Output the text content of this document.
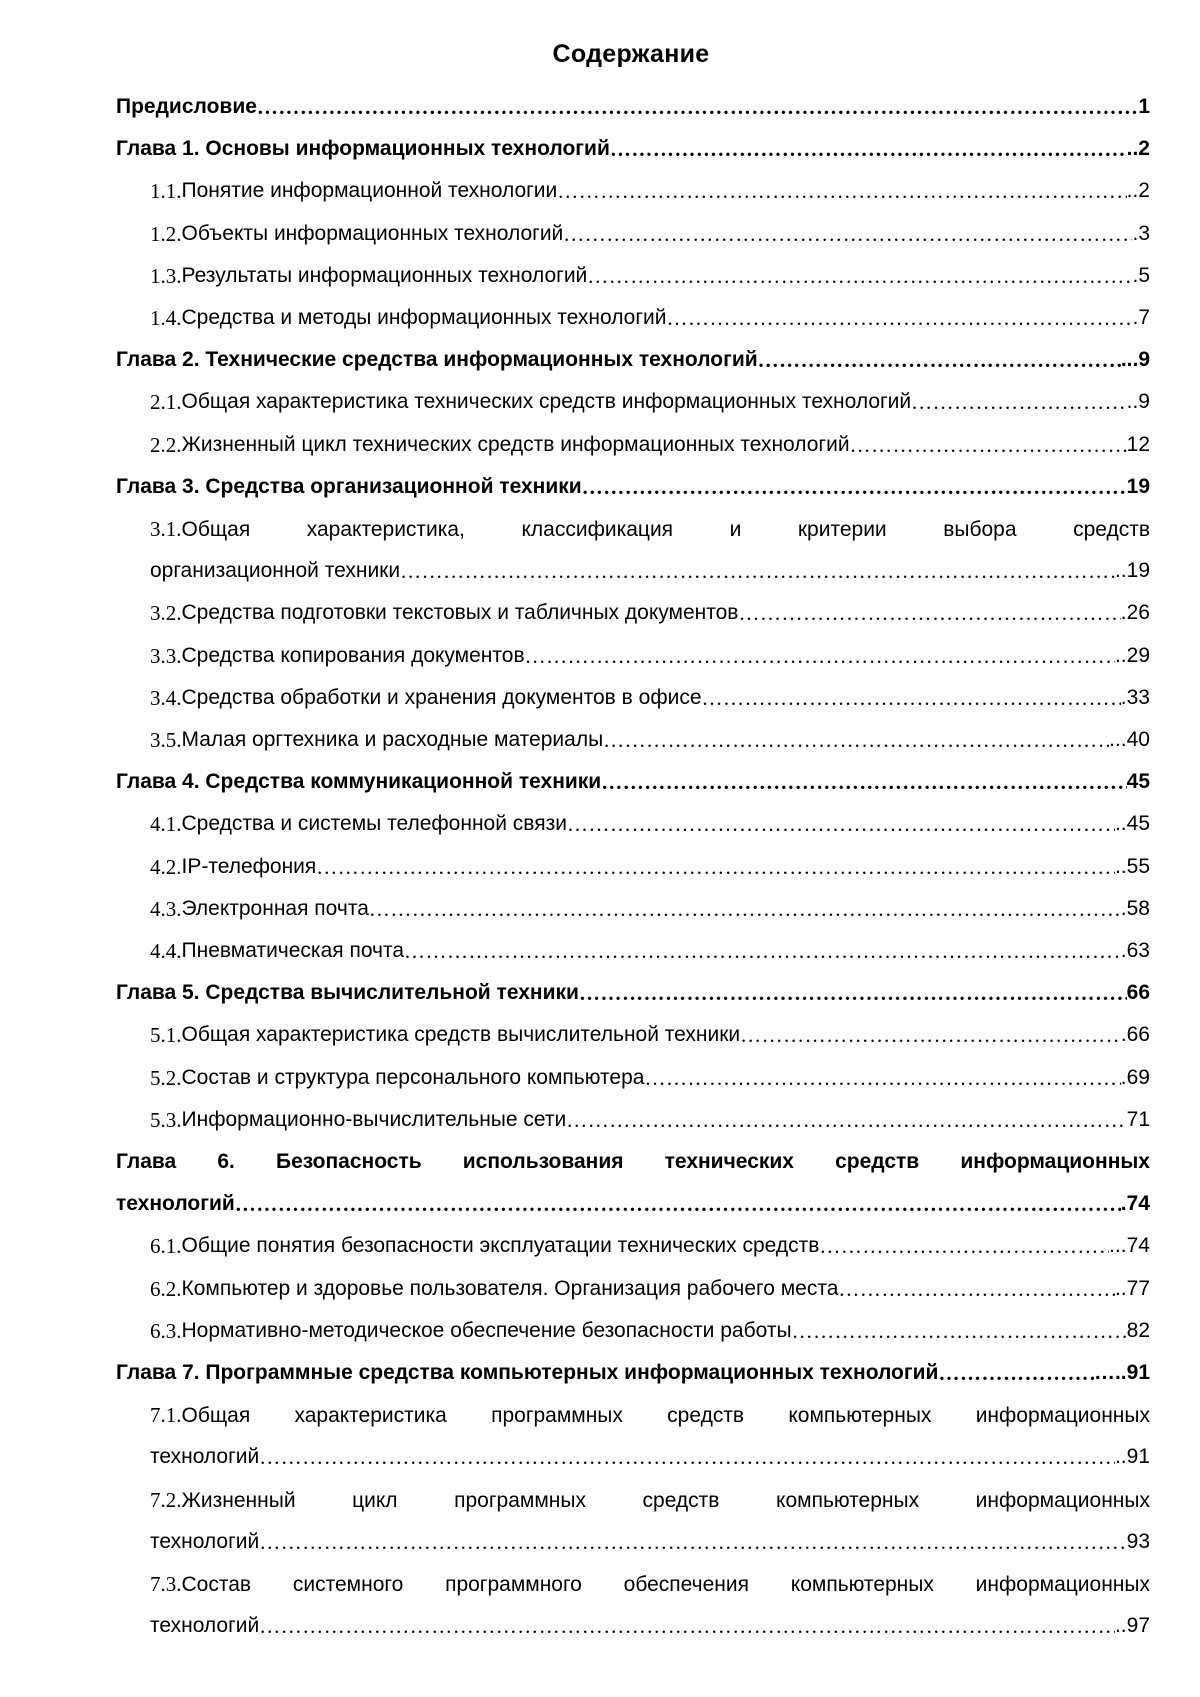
Содержание
Предисловие …………………………………………………………………………………………………………………………………………………………………………………………………………………………	1
Глава 1. Основы информационных технологий …………………………………………………………………………………………………………………………………………………………………………………………………………………………	..2
1.1. Понятие информационной технологии …………………………………………………………………………………………………………………………………………………………………………………………………………………………	..2
1.2. Объекты информационных технологий …………………………………………………………………………………………………………………………………………………………………………………………………………………………	.3
1.3. Результаты информационных технологий …………………………………………………………………………………………………………………………………………………………………………………………………………………………	.5
1.4. Средства и методы информационных технологий …………………………………………………………………………………………………………………………………………………………………………………………………………………………	.7
Глава 2. Технические средства информационных технологий …………………………………………………………………………………………………………………………………………………………………………………………………………………………	...9
2.1. Общая характеристика технических средств информационных технологий …………………………………………………………………………………………………………………………………………………………………………………………………………………………	..9
2.2. Жизненный цикл технических средств информационных технологий …………………………………………………………………………………………………………………………………………………………………………………………………………………………	12
Глава 3. Средства организационной техники …………………………………………………………………………………………………………………………………………………………………………………………………………………………	19
3.1.Общая характеристика, классификация и критерии выбора средств
организационной техники …………………………………………………………………………………………………………………………………………………………………………………………………………………………	..19
3.2. Средства подготовки текстовых и табличных документов …………………………………………………………………………………………………………………………………………………………………………………………………………………………	.26
3.3. Средства копирования документов …………………………………………………………………………………………………………………………………………………………………………………………………………………………	..29
3.4. Средства обработки и хранения документов в офисе …………………………………………………………………………………………………………………………………………………………………………………………………………………………	.33
3.5. Малая оргтехника и расходные материалы …………………………………………………………………………………………………………………………………………………………………………………………………………………………	...40
Глава 4. Средства коммуникационной техники …………………………………………………………………………………………………………………………………………………………………………………………………………………………	45
4.1. Средства и системы телефонной связи …………………………………………………………………………………………………………………………………………………………………………………………………………………………	..45
4.2. IP-телефония …………………………………………………………………………………………………………………………………………………………………………………………………………………………	..55
4.3. Электронная почта …………………………………………………………………………………………………………………………………………………………………………………………………………………………	.58
4.4. Пневматическая почта …………………………………………………………………………………………………………………………………………………………………………………………………………………………	.63
Глава 5. Средства вычислительной техники …………………………………………………………………………………………………………………………………………………………………………………………………………………………	66
5.1. Общая характеристика средств вычислительной техники …………………………………………………………………………………………………………………………………………………………………………………………………………………………	.66
5.2. Состав и структура персонального компьютера …………………………………………………………………………………………………………………………………………………………………………………………………………………………	.69
5.3. Информационно-вычислительные сети …………………………………………………………………………………………………………………………………………………………………………………………………………………………	71
Глава 6. Безопасность использования технических средств информационных
технологий …………………………………………………………………………………………………………………………………………………………………………………………………………………………	.74
6.1. Общие понятия безопасности эксплуатации технических средств …………………………………………………………………………………………………………………………………………………………………………………………………………………………	...74
6.2. Компьютер и здоровье пользователя. Организация рабочего места …………………………………………………………………………………………………………………………………………………………………………………………………………………………	..77
6.3. Нормативно-методическое обеспечение безопасности работы …………………………………………………………………………………………………………………………………………………………………………………………………………………………	82
Глава 7. Программные средства компьютерных информационных технологий …………………………………………………………………………………………………………………………………………………………………………………………………………………………	…..91
7.1.Общая характеристика программных средств компьютерных информационных
технологий …………………………………………………………………………………………………………………………………………………………………………………………………………………………	..91
7.2.Жизненный цикл программных средств компьютерных информационных
технологий …………………………………………………………………………………………………………………………………………………………………………………………………………………………	93
7.3.Состав системного программного обеспечения компьютерных информационных
технологий …………………………………………………………………………………………………………………………………………………………………………………………………………………………	..97
